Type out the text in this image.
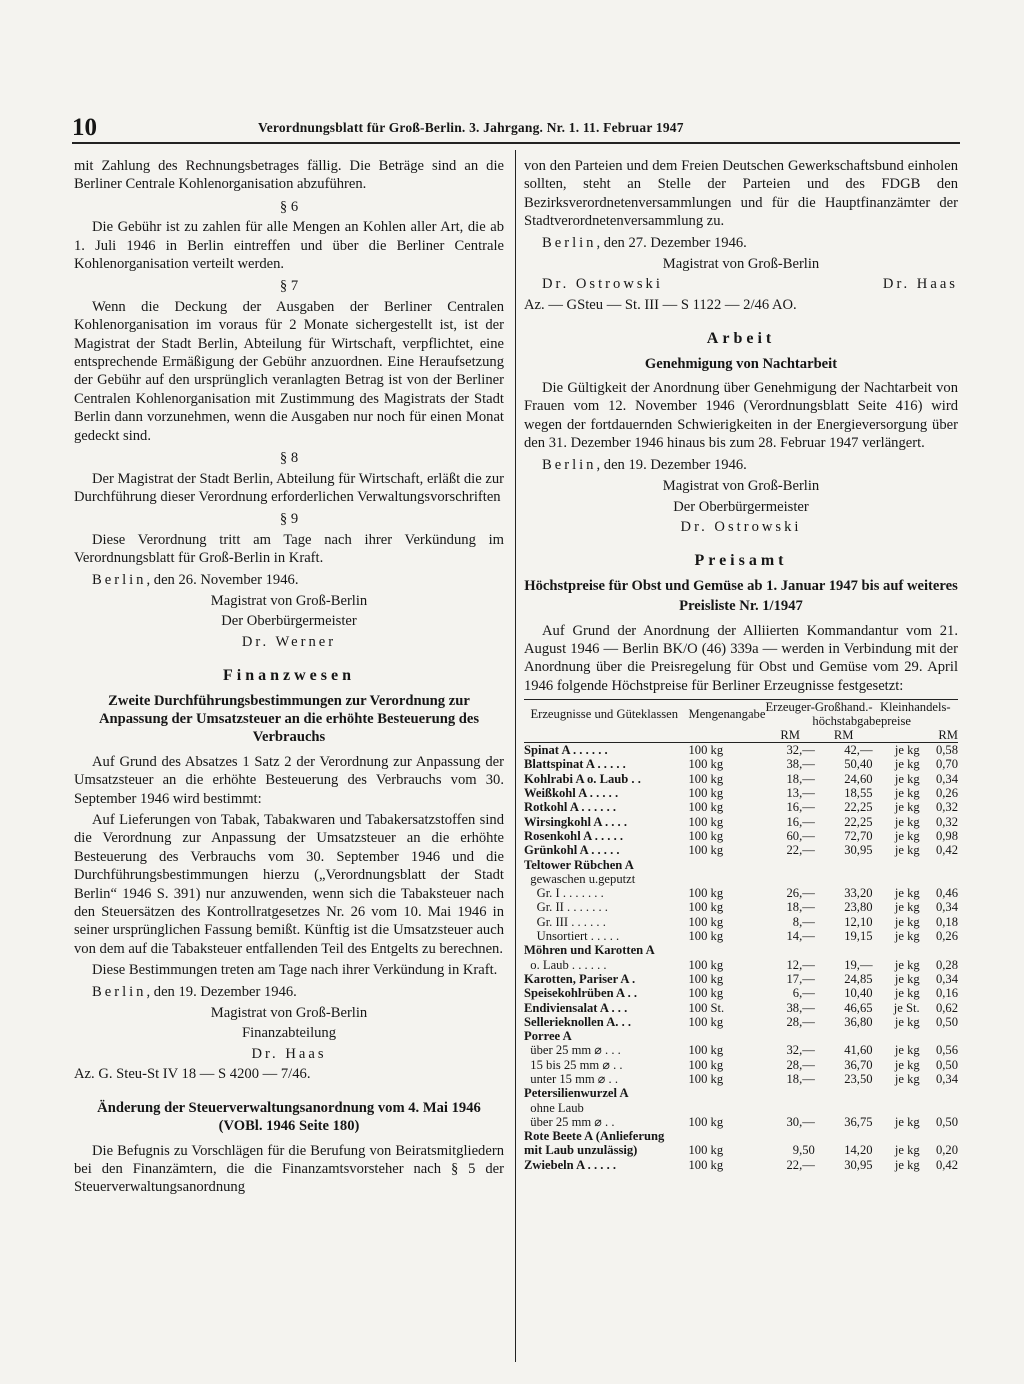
10	Verordnungsblatt für Groß-Berlin. 3. Jahrgang. Nr. 1. 11. Februar 1947

mit Zahlung des Rechnungsbetrages fällig. Die Beträge sind an die Berliner Centrale Kohlenorganisation abzuführen.

§ 6

Die Gebühr ist zu zahlen für alle Mengen an Kohlen aller Art, die ab 1. Juli 1946 in Berlin eintreffen und über die Berliner Centrale Kohlenorganisation verteilt werden.

§ 7

Wenn die Deckung der Ausgaben der Berliner Centralen Kohlenorganisation im voraus für 2 Monate sichergestellt ist, ist der Magistrat der Stadt Berlin, Abteilung für Wirtschaft, verpflichtet, eine entsprechende Ermäßigung der Gebühr anzuordnen. Eine Heraufsetzung der Gebühr auf den ursprünglich veranlagten Betrag ist von der Berliner Centralen Kohlenorganisation mit Zustimmung des Magistrats der Stadt Berlin dann vorzunehmen, wenn die Ausgaben nur noch für einen Monat gedeckt sind.

§ 8

Der Magistrat der Stadt Berlin, Abteilung für Wirtschaft, erläßt die zur Durchführung dieser Verordnung erforderlichen Verwaltungsvorschriften

§ 9

Diese Verordnung tritt am Tage nach ihrer Verkündung im Verordnungsblatt für Groß-Berlin in Kraft.

Berlin, den 26. November 1946.

Magistrat von Groß-Berlin
Der Oberbürgermeister
Dr. Werner
Finanzwesen
Zweite Durchführungsbestimmungen zur Verordnung zur Anpassung der Umsatzsteuer an die erhöhte Besteuerung des Verbrauchs

Auf Grund des Absatzes 1 Satz 2 der Verordnung zur Anpassung der Umsatzsteuer an die erhöhte Besteuerung des Verbrauchs vom 30. September 1946 wird bestimmt:

Auf Lieferungen von Tabak, Tabakwaren und Tabakersatzstoffen sind die Verordnung zur Anpassung der Umsatzsteuer an die erhöhte Besteuerung des Verbrauchs vom 30. September 1946 und die Durchführungsbestimmungen hierzu („Verordnungsblatt der Stadt Berlin“ 1946 S. 391) nur anzuwenden, wenn sich die Tabaksteuer nach den Steuersätzen des Kontrollratgesetzes Nr. 26 vom 10. Mai 1946 in seiner ursprünglichen Fassung bemißt. Künftig ist die Umsatzsteuer auch von dem auf die Tabaksteuer entfallenden Teil des Entgelts zu berechnen.

Diese Bestimmungen treten am Tage nach ihrer Verkündung in Kraft.

Berlin, den 19. Dezember 1946.

Magistrat von Groß-Berlin
Finanzabteilung
Dr. Haas

Az. G. Steu-St IV 18 — S 4200 — 7/46.

Änderung der Steuerverwaltungsanordnung vom 4. Mai 1946 (VOBl. 1946 Seite 180)

Die Befugnis zu Vorschlägen für die Berufung von Beiratsmitgliedern bei den Finanzämtern, die die Finanzamtsvorsteher nach § 5 der Steuerverwaltungsanordnung

von den Parteien und dem Freien Deutschen Gewerkschaftsbund einholen sollten, steht an Stelle der Parteien und des FDGB den Bezirksverordnetenversammlungen und für die Hauptfinanzämter der Stadtverordnetenversammlung zu.

Berlin, den 27. Dezember 1946.

Magistrat von Groß-Berlin
Dr. Ostrowski	Dr. Haas

Az. — GSteu — St. III — S 1122 — 2/46 AO.

Arbeit
Genehmigung von Nachtarbeit

Die Gültigkeit der Anordnung über Genehmigung der Nachtarbeit von Frauen vom 12. November 1946 (Verordnungsblatt Seite 416) wird wegen der fortdauernden Schwierigkeiten in der Energieversorgung über den 31. Dezember 1946 hinaus bis zum 28. Februar 1947 verlängert.

Berlin, den 19. Dezember 1946.

Magistrat von Groß-Berlin
Der Oberbürgermeister
Dr. Ostrowski
Preisamt
Höchstpreise für Obst und Gemüse ab 1. Januar 1947 bis auf weiteres
Preisliste Nr. 1/1947

Auf Grund der Anordnung der Alliierten Kommandantur vom 21. August 1946 — Berlin BK/O (46) 339a — werden in Verbindung mit der Anordnung über die Preisregelung für Obst und Gemüse vom 29. April 1946 folgende Höchstpreise für Berliner Erzeugnisse festgesetzt:

Erzeugnisse und Güteklassen	Mengenangabe	Erzeuger-	Großhand.-	Kleinhandels-	
		höchstabgabepreise			
		RM	RM		RM
Spinat A . . . . . .	100 kg	32,—	42,—	je kg	0,58
Blattspinat A . . . . .	100 kg	38,—	50,40	je kg	0,70
Kohlrabi A o. Laub . .	100 kg	18,—	24,60	je kg	0,34
Weißkohl A . . . . .	100 kg	13,—	18,55	je kg	0,26
Rotkohl A . . . . . .	100 kg	16,—	22,25	je kg	0,32
Wirsingkohl A . . . .	100 kg	16,—	22,25	je kg	0,32
Rosenkohl A . . . . .	100 kg	60,—	72,70	je kg	0,98
Grünkohl A . . . . .	100 kg	22,—	30,95	je kg	0,42
Teltower Rübchen A					
gewaschen u.geputzt					
Gr. I . . . . . . .	100 kg	26,—	33,20	je kg	0,46
Gr. II . . . . . . .	100 kg	18,—	23,80	je kg	0,34
Gr. III . . . . . .	100 kg	8,—	12,10	je kg	0,18
Unsortiert . . . . .	100 kg	14,—	19,15	je kg	0,26
Möhren und Karotten A					
o. Laub . . . . . .	100 kg	12,—	19,—	je kg	0,28
Karotten, Pariser A .	100 kg	17,—	24,85	je kg	0,34
Speisekohlrüben A . .	100 kg	6,—	10,40	je kg	0,16
Endiviensalat A . . .	100 St.	38,—	46,65	je St.	0,62
Sellerieknollen A. . .	100 kg	28,—	36,80	je kg	0,50
Porree A					
über 25 mm ⌀ . . .	100 kg	32,—	41,60	je kg	0,56
15 bis 25 mm ⌀ . .	100 kg	28,—	36,70	je kg	0,50
unter 15 mm ⌀ . .	100 kg	18,—	23,50	je kg	0,34
Petersilienwurzel A					
ohne Laub					
über 25 mm ⌀ . .	100 kg	30,—	36,75	je kg	0,50
Rote Beete A (Anlieferung mit Laub unzulässig)	100 kg	9,50	14,20	je kg	0,20
Zwiebeln A . . . . .	100 kg	22,—	30,95	je kg	0,42
